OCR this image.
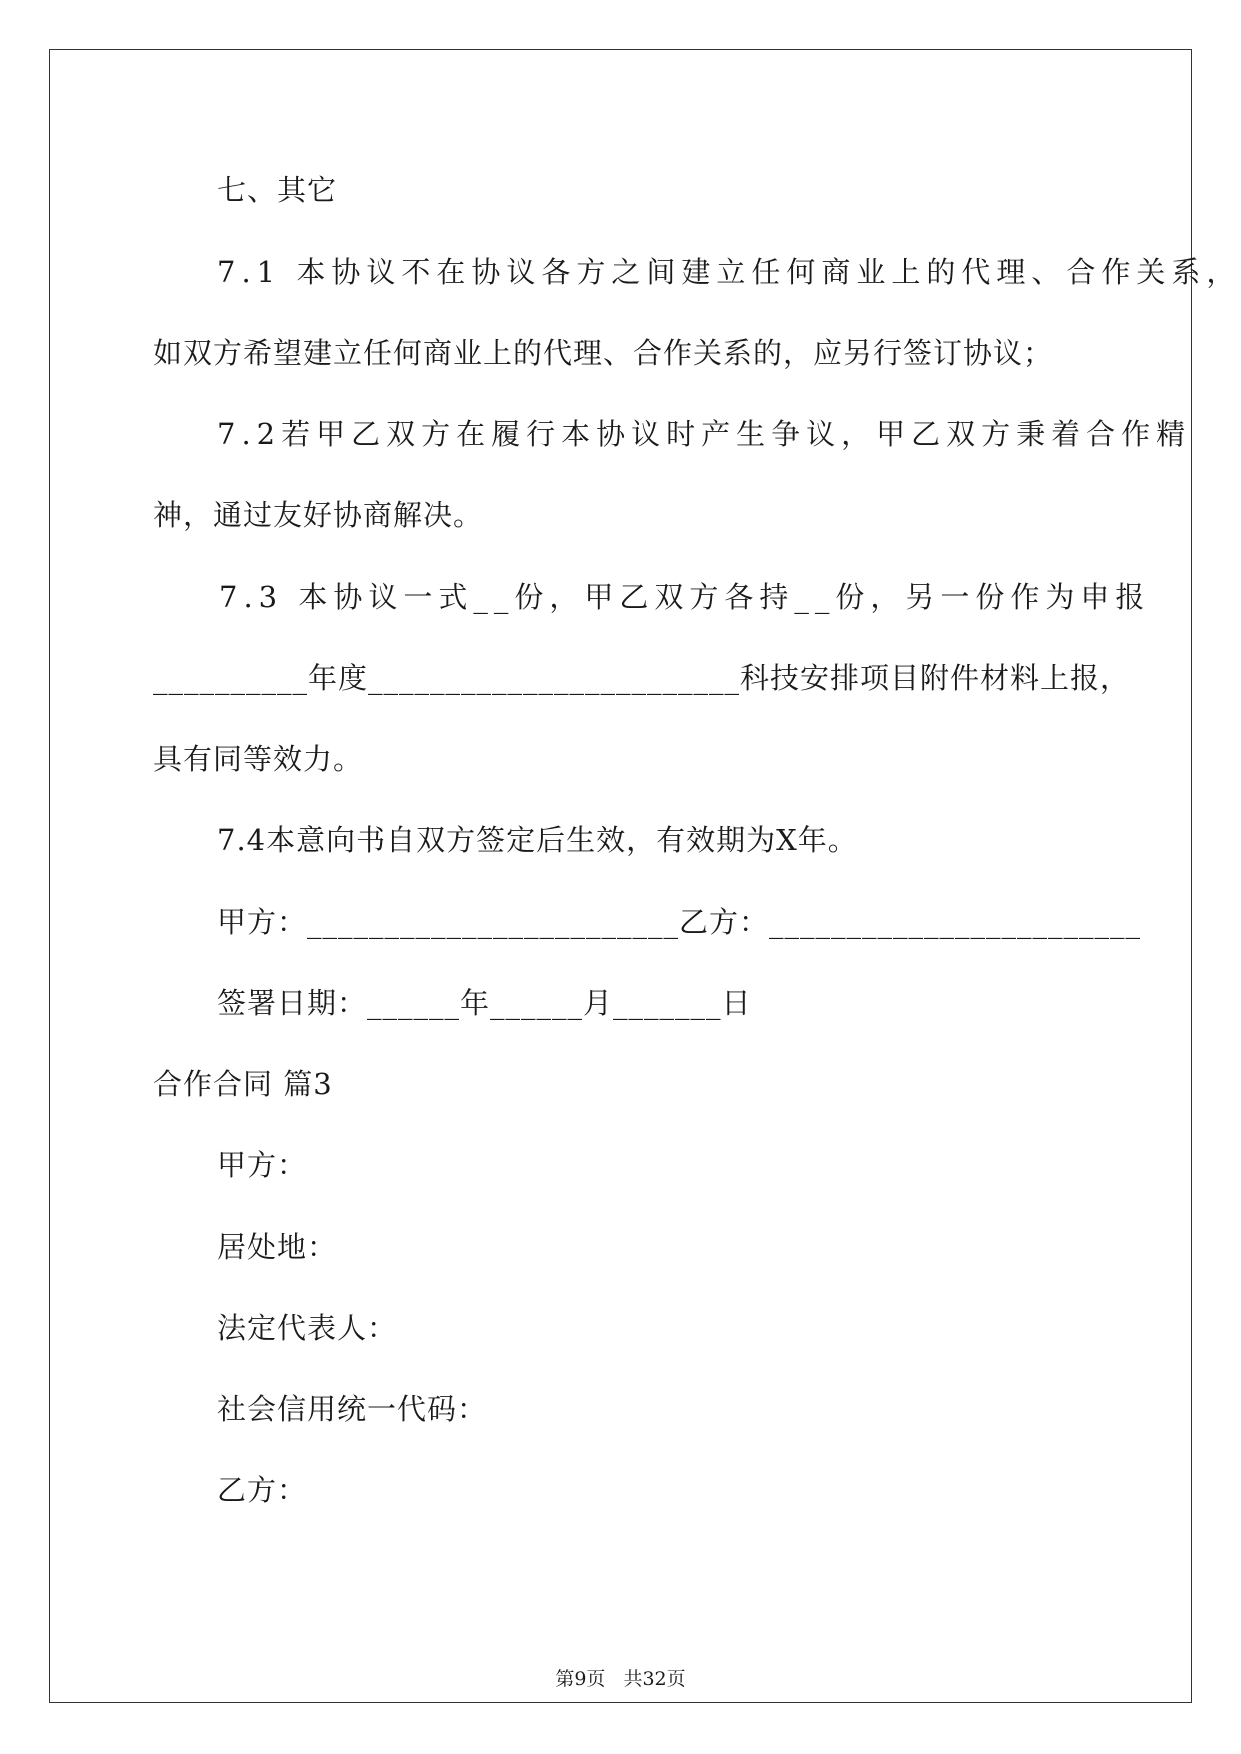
七、其它
7.1 本协议不在协议各方之间建立任何商业上的代理、合作关系，
如双方希望建立任何商业上的代理、合作关系的，应另行签订协议；
7.2若甲乙双方在履行本协议时产生争议，甲乙双方秉着合作精
神，通过友好协商解决。
7.3 本协议一式__份，甲乙双方各持__份，另一份作为申报
__________年度________________________科技安排项目附件材料上报，
具有同等效力。
7.4本意向书自双方签定后生效，有效期为X年。
甲方：________________________乙方：________________________
签署日期：______年______月_______日
合作合同 篇3
甲方：
居处地：
法定代表人：
社会信用统一代码：
乙方：
第9页 共32页
